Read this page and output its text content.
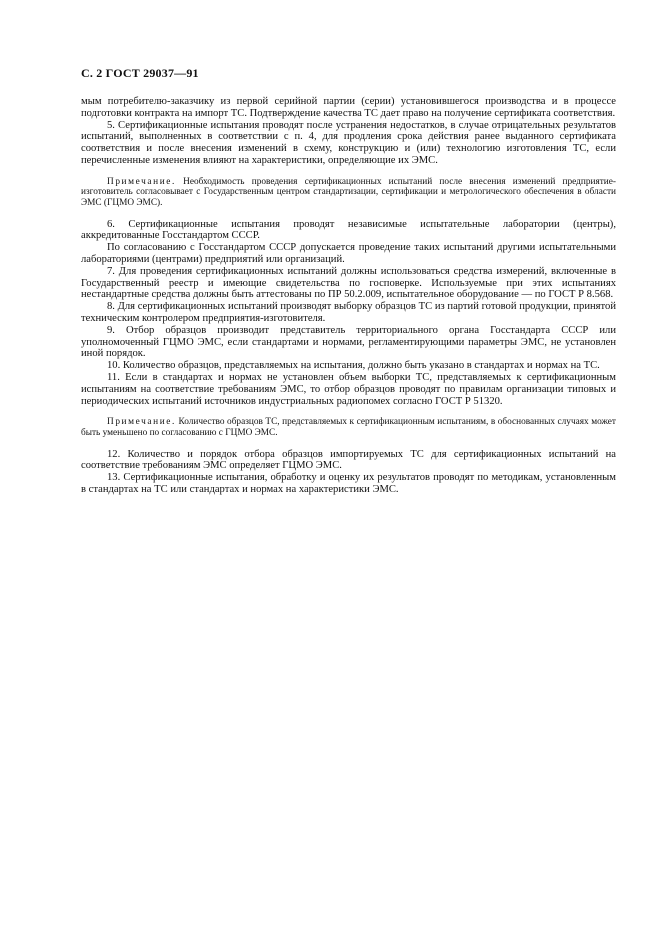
С. 2 ГОСТ 29037—91

мым потребителю-заказчику из первой серийной партии (серии) установившегося производства и в процессе подготовки контракта на импорт ТС. Подтверждение качества ТС дает право на получение сертификата соответствия.

5. Сертификационные испытания проводят после устранения недостатков, в случае отрицательных результатов испытаний, выполненных в соответствии с п. 4, для продления срока действия ранее выданного сертификата соответствия и после внесения изменений в схему, конструкцию и (или) технологию изготовления ТС, если перечисленные изменения влияют на характеристики, определяющие их ЭМС.

Примечание. Необходимость проведения сертификационных испытаний после внесения изменений предприятие-изготовитель согласовывает с Государственным центром стандартизации, сертификации и метрологического обеспечения в области ЭМС (ГЦМО ЭМС).

6. Сертификационные испытания проводят независимые испытательные лаборатории (центры), аккредитованные Госстандартом СССР.

По согласованию с Госстандартом СССР допускается проведение таких испытаний другими испытательными лабораториями (центрами) предприятий или организаций.

7. Для проведения сертификационных испытаний должны использоваться средства измерений, включенные в Государственный реестр и имеющие свидетельства по госповерке. Используемые при этих испытаниях нестандартные средства должны быть аттестованы по ПР 50.2.009, испытательное оборудование — по ГОСТ Р 8.568.

8. Для сертификационных испытаний производят выборку образцов ТС из партий готовой продукции, принятой техническим контролером предприятия-изготовителя.

9. Отбор образцов производит представитель территориального органа Госстандарта СССР или уполномоченный ГЦМО ЭМС, если стандартами и нормами, регламентирующими параметры ЭМС, не установлен иной порядок.

10. Количество образцов, представляемых на испытания, должно быть указано в стандартах и нормах на ТС.

11. Если в стандартах и нормах не установлен объем выборки ТС, представляемых к сертификационным испытаниям на соответствие требованиям ЭМС, то отбор образцов проводят по правилам организации типовых и периодических испытаний источников индустриальных радиопомех согласно ГОСТ Р 51320.

Примечание. Количество образцов ТС, представляемых к сертификационным испытаниям, в обоснованных случаях может быть уменьшено по согласованию с ГЦМО ЭМС.

12. Количество и порядок отбора образцов импортируемых ТС для сертификационных испытаний на соответствие требованиям ЭМС определяет ГЦМО ЭМС.

13. Сертификационные испытания, обработку и оценку их результатов проводят по методикам, установленным в стандартах на ТС или стандартах и нормах на характеристики ЭМС.
